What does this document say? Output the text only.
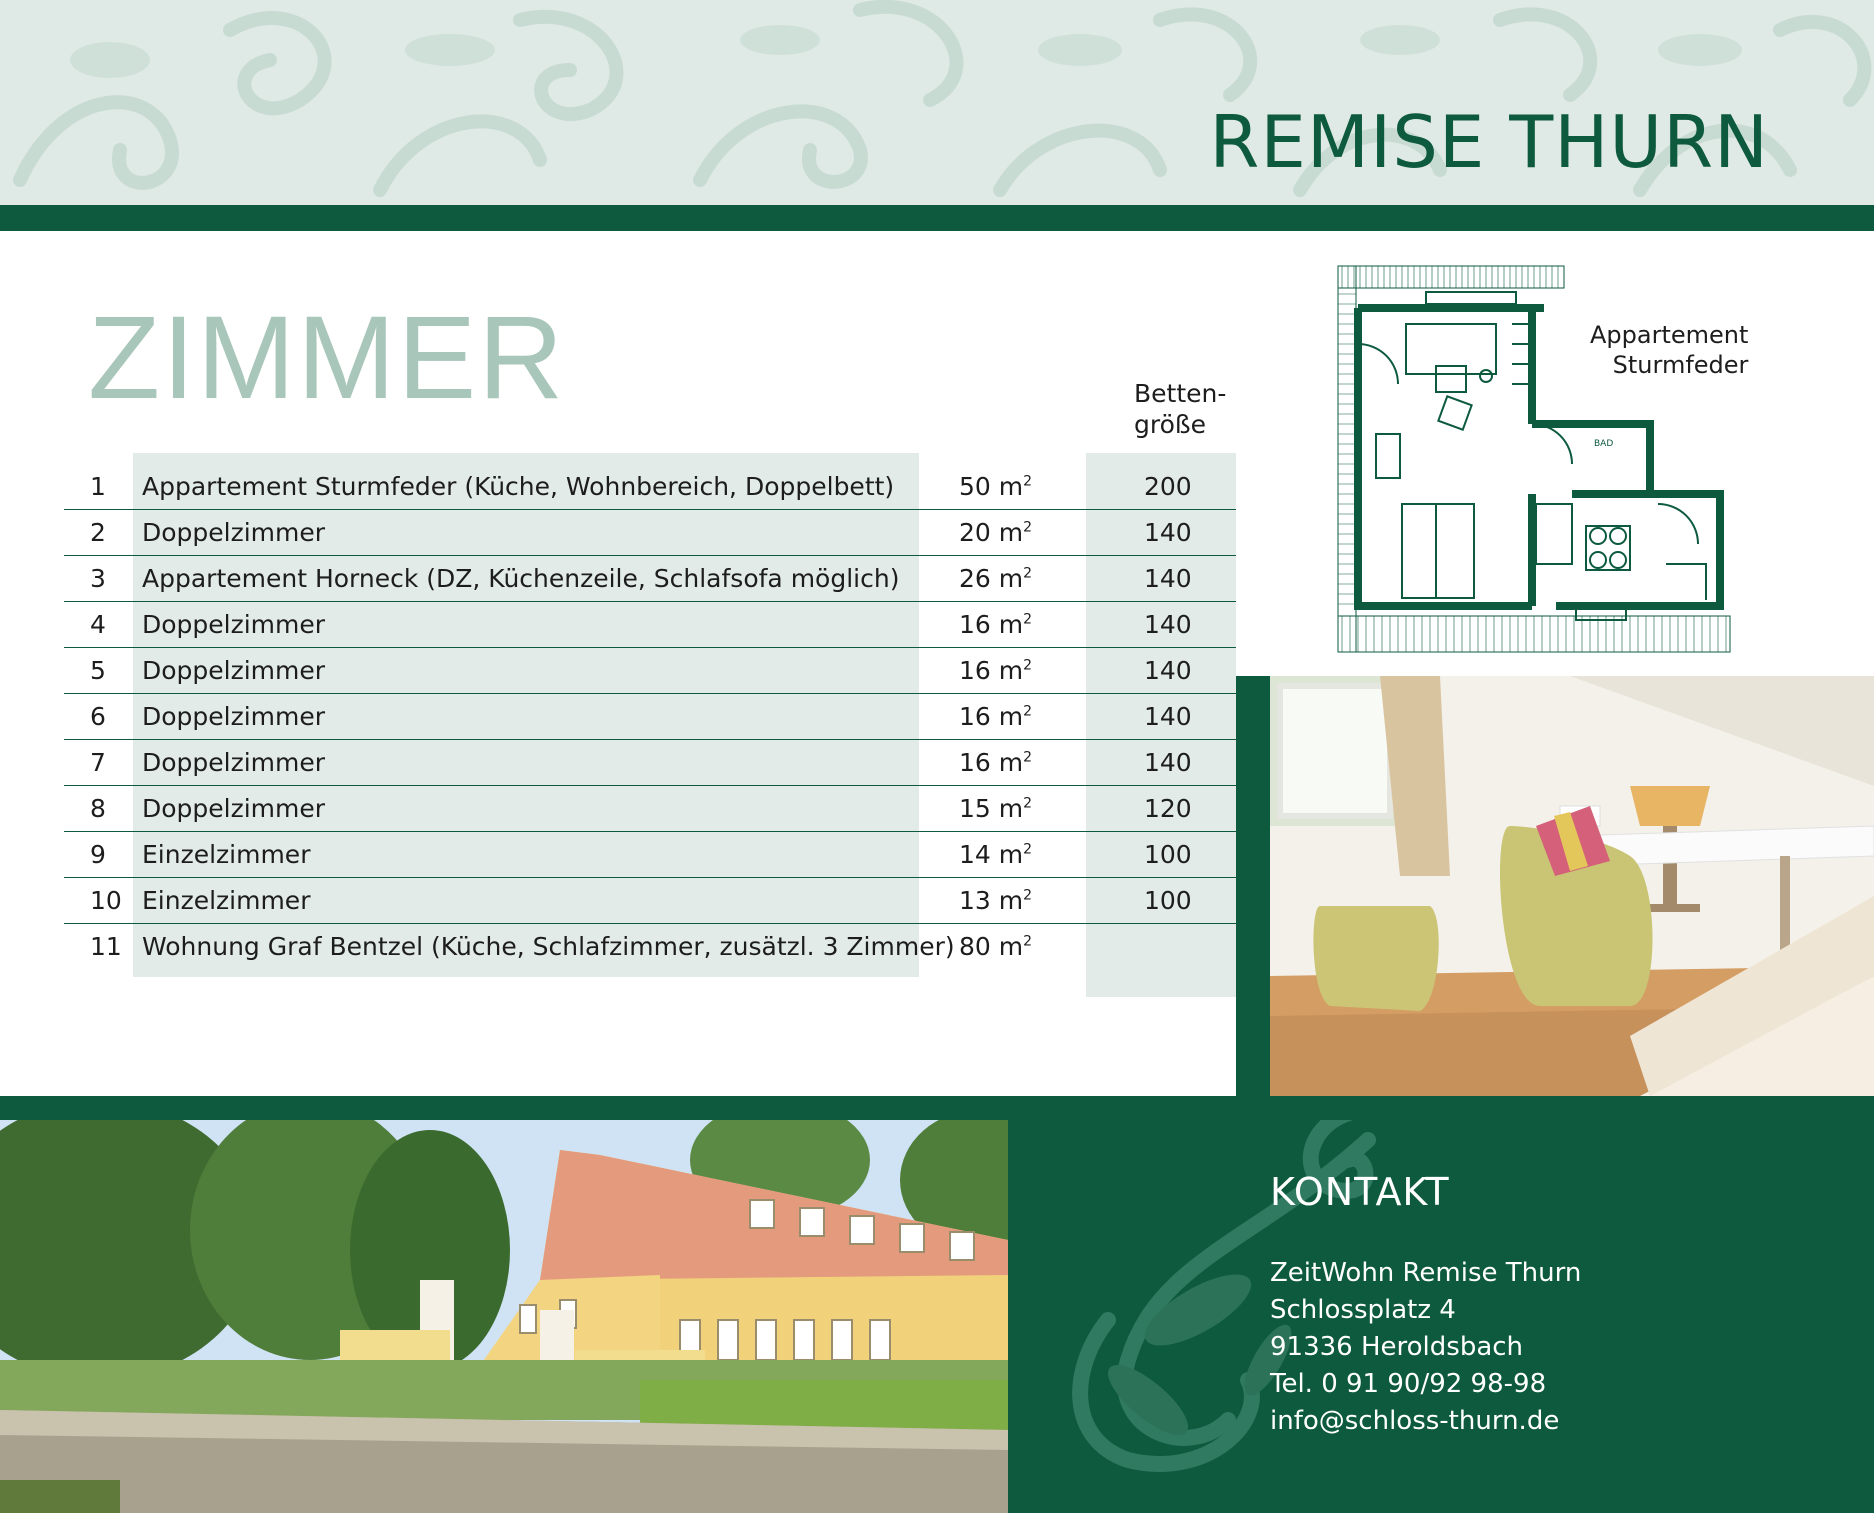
REMISE THURN
ZIMMER	Betten-
größe
1 Appartement Sturmfeder (Küche, Wohnbereich, Doppelbett)	50 $m^2$	200
2 Doppelzimmer	20 $m^2$	140
3 Appartement Horneck (DZ, Küchenzeile, Schlafsofa möglich) 26 $m^2$	140
4 Doppelzimmer	16 $m^2$	140
5 Doppelzimmer	16 $m^2$	140
6 Doppelzimmer	16 $m^2$	140
7 Doppelzimmer	16 $m^2$	140
8 Doppelzimmer	15 $m^2$	120
9 Einzelzimmer	14 $m^2$	100
10 Einzelzimmer	13 $m^2$	100
11 Wohnung Graf Bentzel (Küche, Schlafzimmer, zusätzl. 3 Zimmer) 80 $m^2$
BAD
Appartement
Sturmfeder
KONTAKT
ZeitWohn Remise Thurn
Schlossplatz 4
91336 Heroldsbach
Tel. 0 91 90/92 98-98
info@schloss-thurn.de
